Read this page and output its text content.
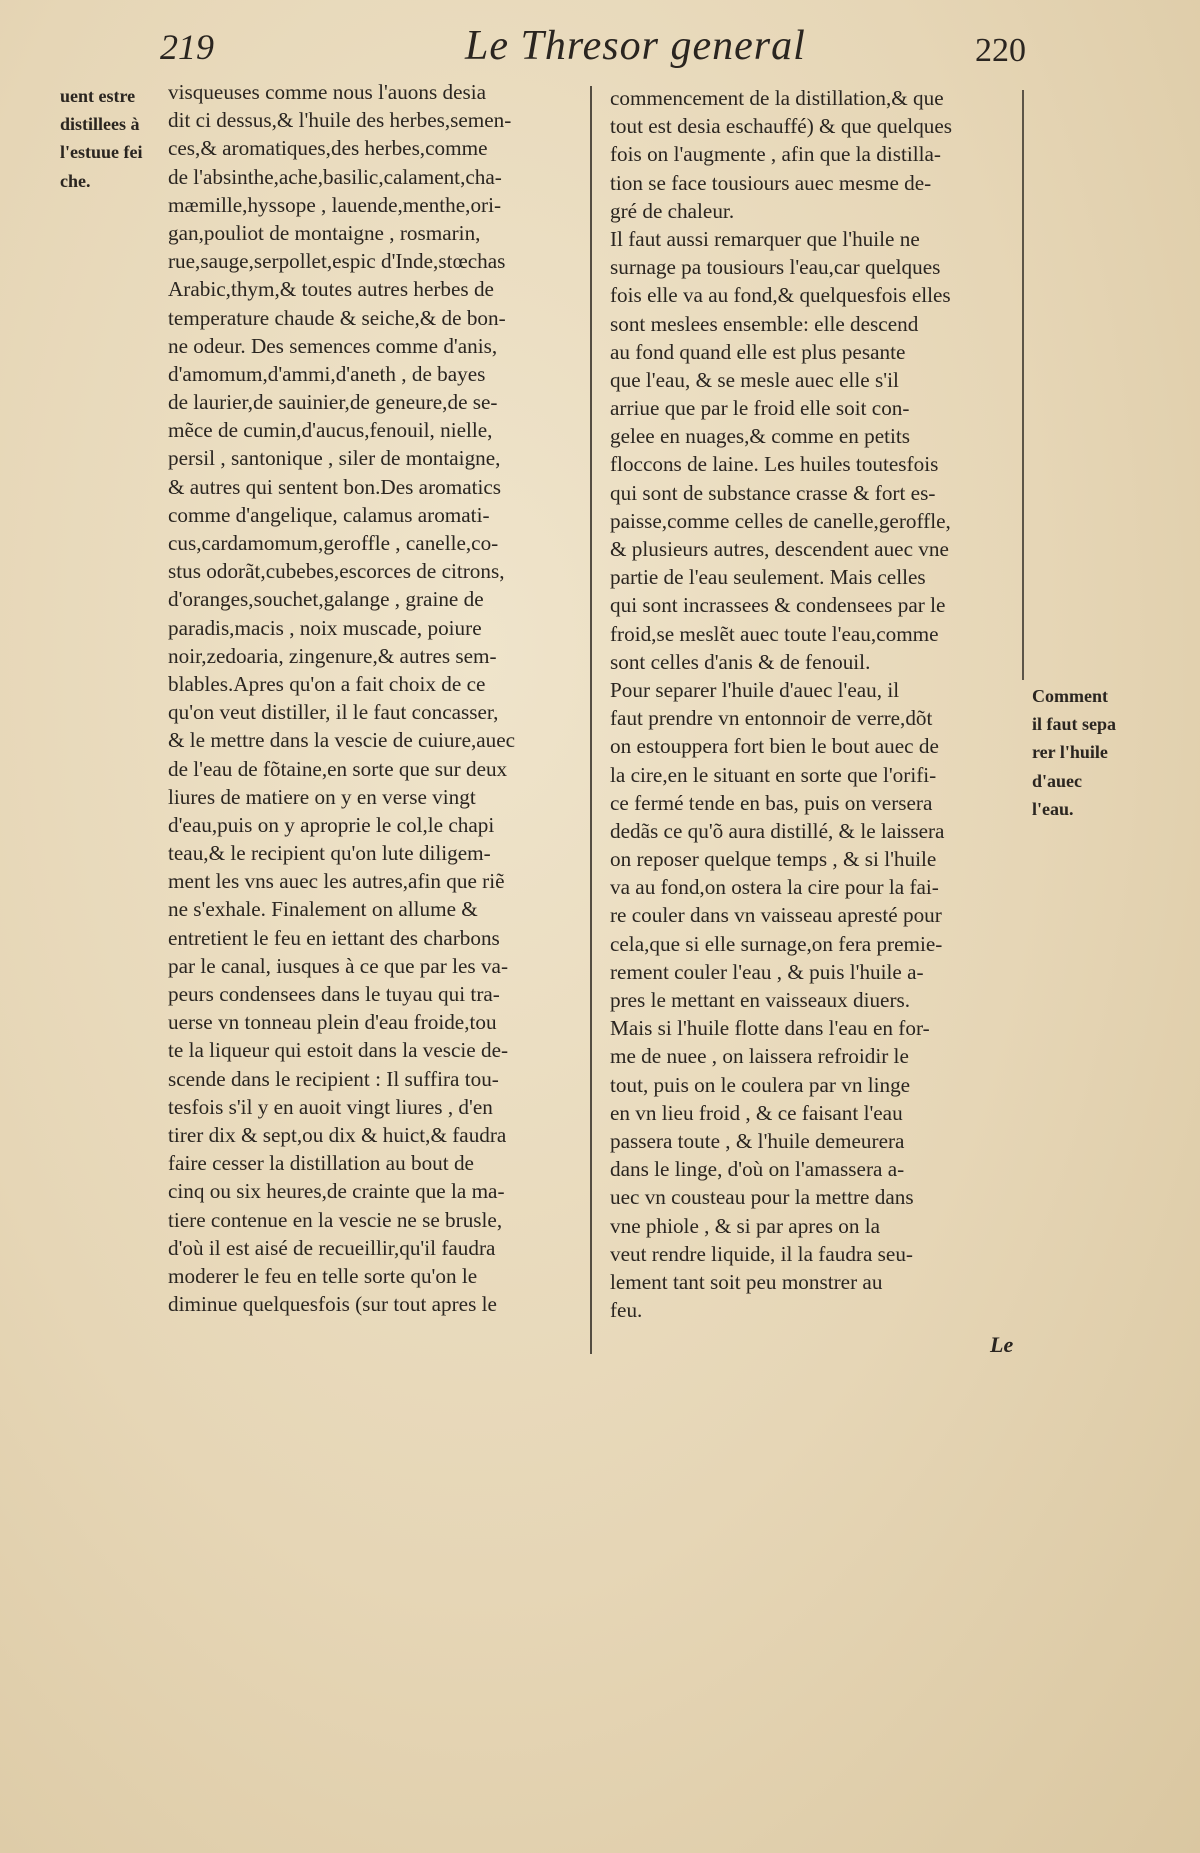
219	Le Thresor general	220
uent estre
distillees à
l'estuue fei
che.
visqueuses comme nous l'auons desia
dit ci dessus,& l'huile des herbes,semen-
ces,& aromatiques,des herbes,comme
de l'absinthe,ache,basilic,calament,cha-
mæmille,hyssope , lauende,menthe,ori-
gan,pouliot de montaigne , rosmarin,
rue,sauge,serpollet,espic d'Inde,stœchas
Arabic,thym,& toutes autres herbes de
temperature chaude & seiche,& de bon-
ne odeur. Des semences comme d'anis,
d'amomum,d'ammi,d'aneth , de bayes
de laurier,de sauinier,de geneure,de se-
mẽce de cumin,d'aucus,fenouil, nielle,
persil , santonique , siler de montaigne,
& autres qui sentent bon.Des aromatics
comme d'angelique, calamus aromati-
cus,cardamomum,geroffle , canelle,co-
stus odorãt,cubebes,escorces de citrons,
d'oranges,souchet,galange , graine de
paradis,macis , noix muscade, poiure
noir,zedoaria, zingenure,& autres sem-
blables.Apres qu'on a fait choix de ce
qu'on veut distiller, il le faut concasser,
& le mettre dans la vescie de cuiure,auec
de l'eau de fõtaine,en sorte que sur deux
liures de matiere on y en verse vingt
d'eau,puis on y aproprie le col,le chapi
teau,& le recipient qu'on lute diligem-
ment les vns auec les autres,afin que riẽ
ne s'exhale. Finalement on allume &
entretient le feu en iettant des charbons
par le canal, iusques à ce que par les va-
peurs condensees dans le tuyau qui tra-
uerse vn tonneau plein d'eau froide,tou
te la liqueur qui estoit dans la vescie de-
scende dans le recipient : Il suffira tou-
tesfois s'il y en auoit vingt liures , d'en
tirer dix & sept,ou dix & huict,& faudra
faire cesser la distillation au bout de
cinq ou six heures,de crainte que la ma-
tiere contenue en la vescie ne se brusle,
d'où il est aisé de recueillir,qu'il faudra
moderer le feu en telle sorte qu'on le
diminue quelquesfois (sur tout apres le
commencement de la distillation,& que
tout est desia eschauffé) & que quelques
fois on l'augmente , afin que la distilla-
tion se face tousiours auec mesme de-
gré de chaleur.
Il faut aussi remarquer que l'huile ne
surnage pa tousiours l'eau,car quelques
fois elle va au fond,& quelquesfois elles
sont meslees ensemble: elle descend
au fond quand elle est plus pesante
que l'eau, & se mesle auec elle s'il
arriue que par le froid elle soit con-
gelee en nuages,& comme en petits
floccons de laine. Les huiles toutesfois
qui sont de substance crasse & fort es-
paisse,comme celles de canelle,geroffle,
& plusieurs autres, descendent auec vne
partie de l'eau seulement. Mais celles
qui sont incrassees & condensees par le
froid,se meslẽt auec toute l'eau,comme
sont celles d'anis & de fenouil.
Pour separer l'huile d'auec l'eau, il
faut prendre vn entonnoir de verre,dõt
on estouppera fort bien le bout auec de
la cire,en le situant en sorte que l'orifi-
ce fermé tende en bas, puis on versera
dedãs ce qu'õ aura distillé, & le laissera
on reposer quelque temps , & si l'huile
va au fond,on ostera la cire pour la fai-
re couler dans vn vaisseau apresté pour
cela,que si elle surnage,on fera premie-
rement couler l'eau , & puis l'huile a-
pres le mettant en vaisseaux diuers.
Mais si l'huile flotte dans l'eau en for-
me de nuee , on laissera refroidir le
tout, puis on le coulera par vn linge
en vn lieu froid , & ce faisant l'eau
passera toute , & l'huile demeurera
dans le linge, d'où on l'amassera a-
uec vn cousteau pour la mettre dans
vne phiole , & si par apres on la
veut rendre liquide, il la faudra seu-
lement tant soit peu monstrer au
feu.
Comment
il faut sepa
rer l'huile
d'auec
l'eau.
Le
